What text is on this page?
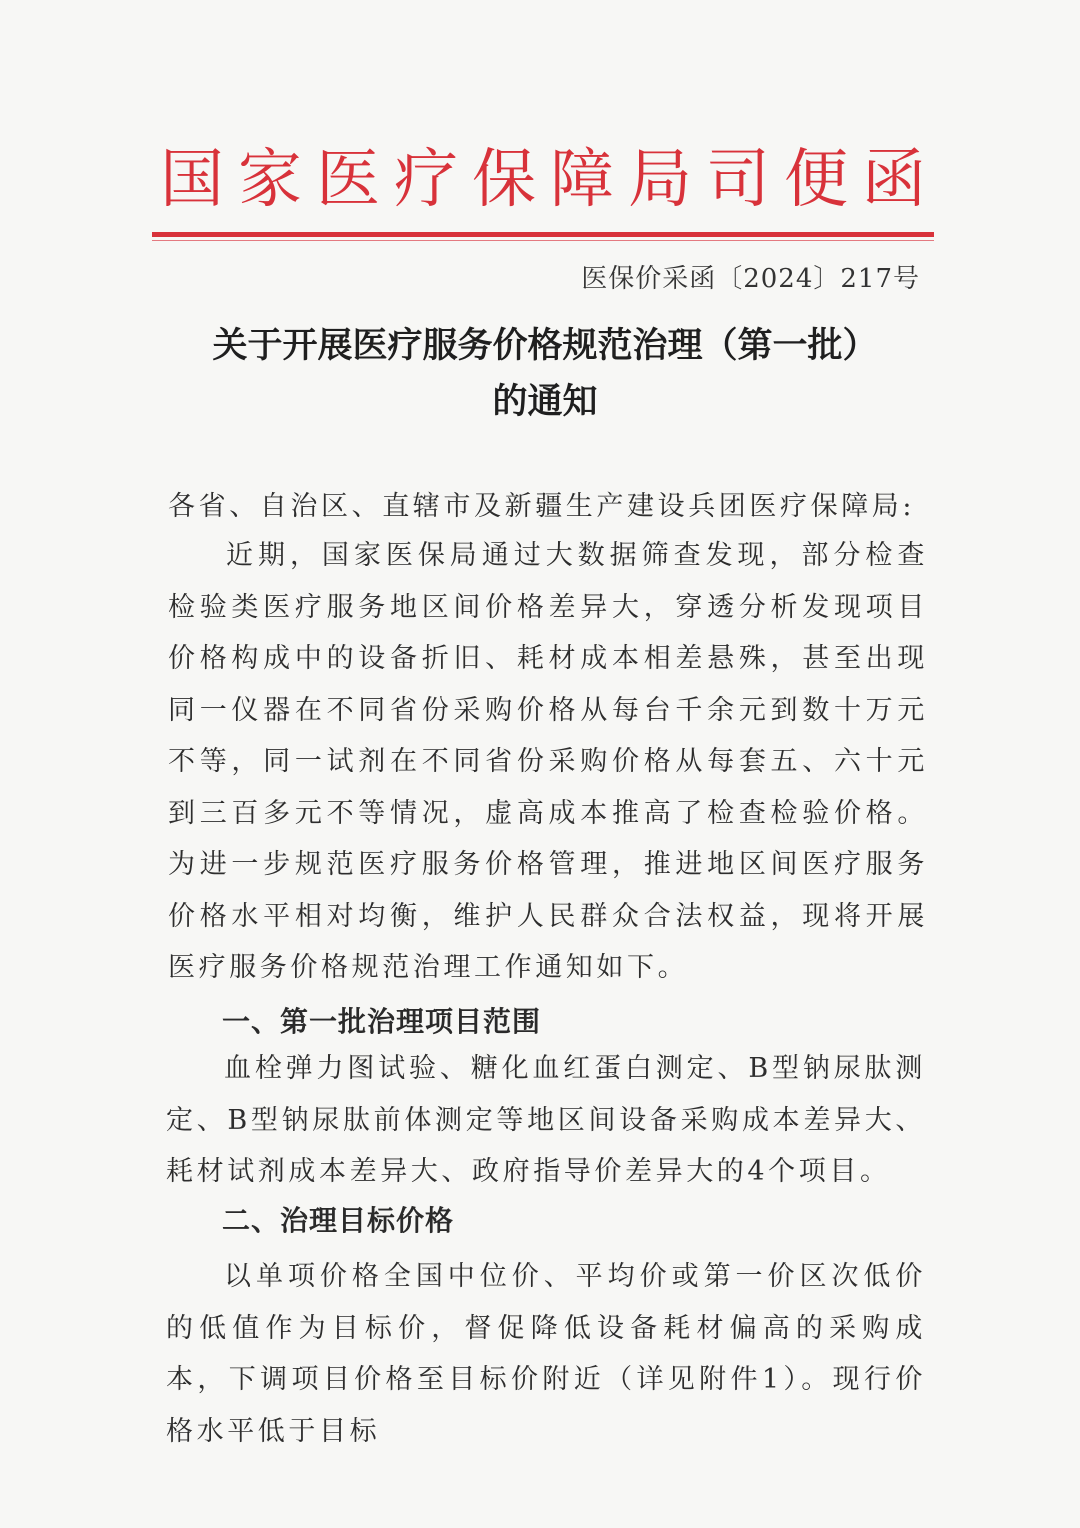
国家医疗保障局司便函
医保价采函〔2024〕217号
关于开展医疗服务价格规范治理（第一批）
的通知
各省、自治区、直辖市及新疆生产建设兵团医疗保障局:
近期，国家医保局通过大数据筛查发现，部分检查检验类医疗服务地区间价格差异大，穿透分析发现项目价格构成中的设备折旧、耗材成本相差悬殊，甚至出现同一仪器在不同省份采购价格从每台千余元到数十万元不等，同一试剂在不同省份采购价格从每套五、六十元到三百多元不等情况，虚高成本推高了检查检验价格。为进一步规范医疗服务价格管理，推进地区间医疗服务价格水平相对均衡，维护人民群众合法权益，现将开展医疗服务价格规范治理工作通知如下。
一、第一批治理项目范围
血栓弹力图试验、糖化血红蛋白测定、B型钠尿肽测定、B型钠尿肽前体测定等地区间设备采购成本差异大、耗材试剂成本差异大、政府指导价差异大的4个项目。
二、治理目标价格
以单项价格全国中位价、平均价或第一价区次低价的低值作为目标价，督促降低设备耗材偏高的采购成本，下调项目价格至目标价附近（详见附件1）。现行价格水平低于目标
